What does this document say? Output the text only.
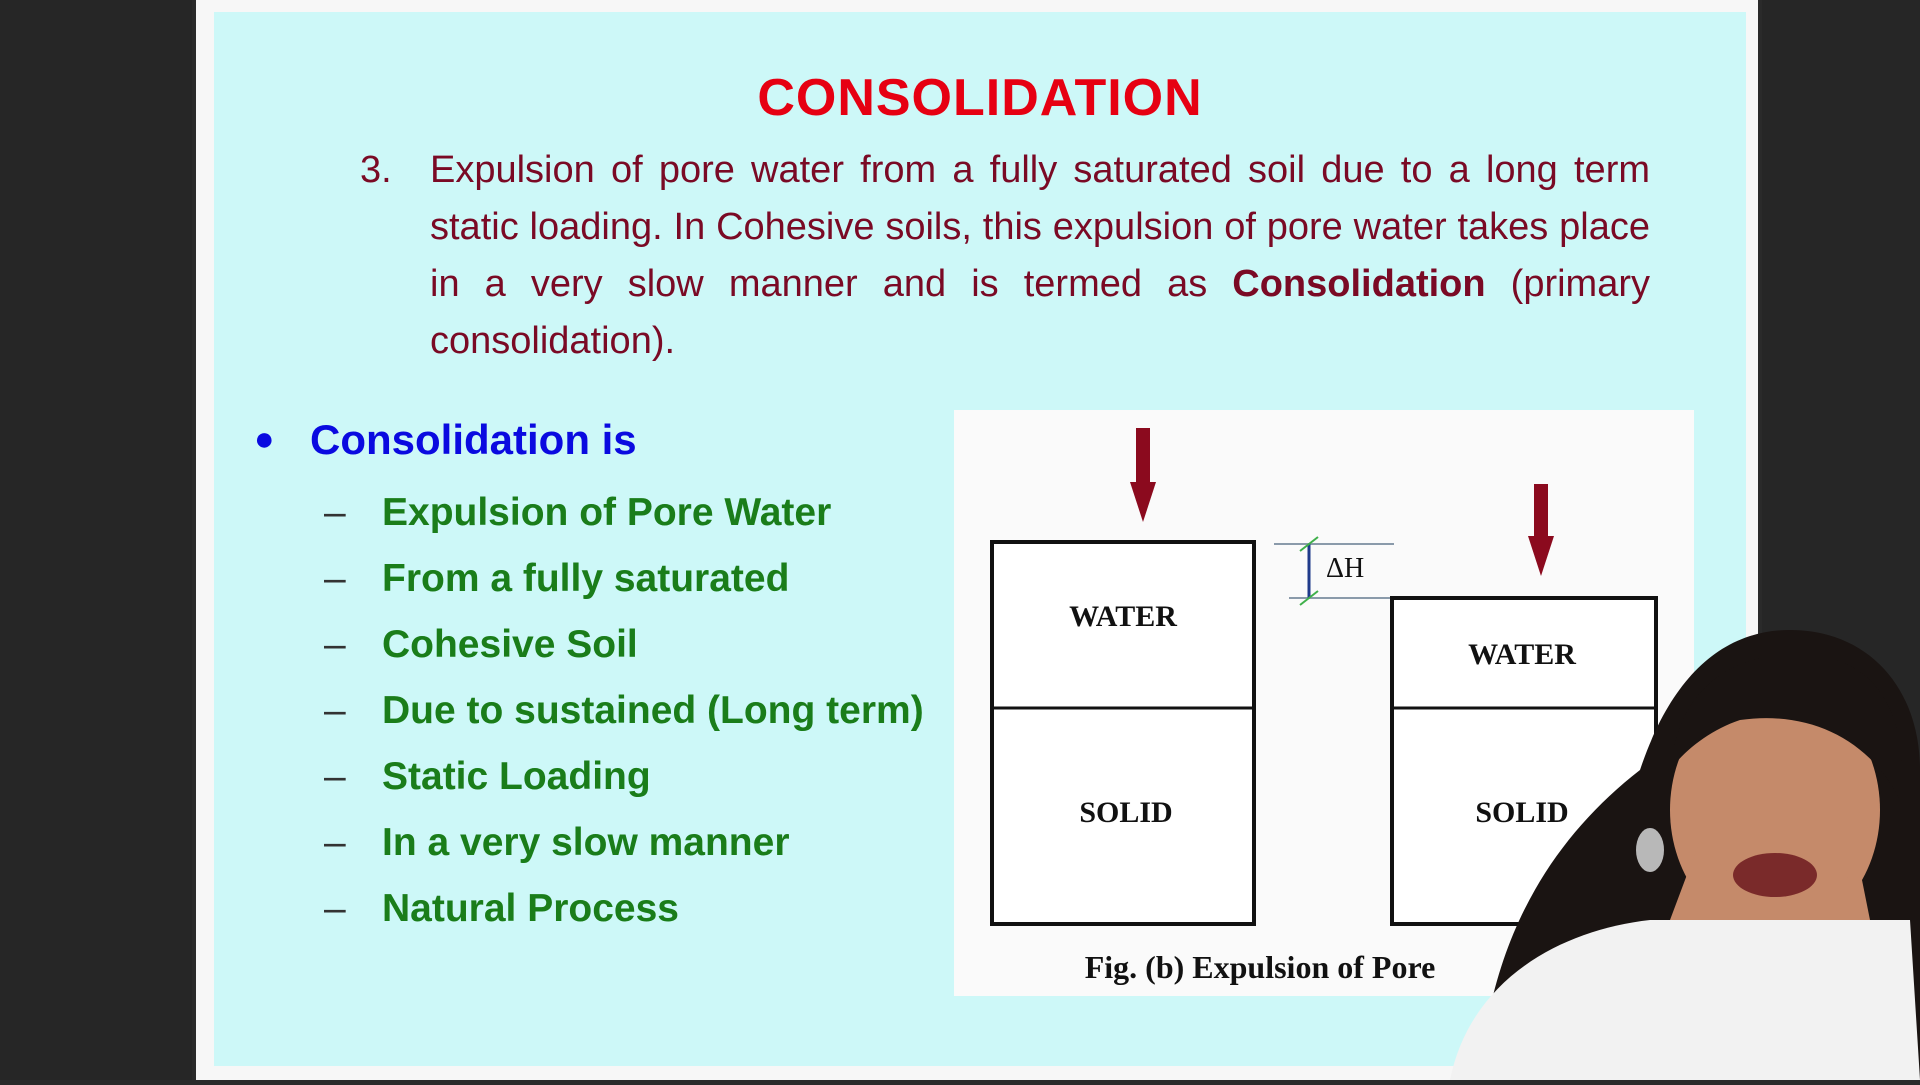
CONSOLIDATION
3. Expulsion of pore water from a fully saturated soil due to a long term static loading. In Cohesive soils, this expulsion of pore water takes place in a very slow manner and is termed as Consolidation (primary consolidation).
● Consolidation is
– Expulsion of Pore Water
– From a fully saturated
– Cohesive Soil
– Due to sustained (Long term)
– Static Loading
– In a very slow manner
– Natural Process
WATER
SOLID
ΔH
WATER
SOLID
Fig. (b) Expulsion of Pore
